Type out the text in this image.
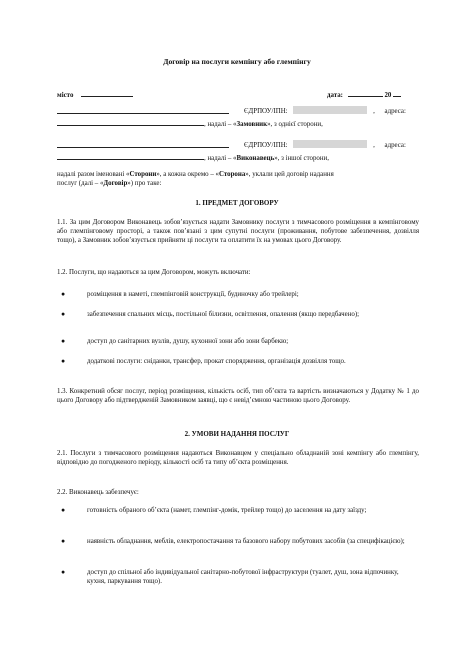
Договір на послуги кемпінгу або глемпінгу
місто	дата:	20
ЄДРПОУ/ІПН:	, адреса:
, надалі – «Замовник», з однієї сторони,
ЄДРПОУ/ІПН:	, адреса:
, надалі – «Виконавець», з іншої сторони,
надалі разом іменовані «Сторони», а кожна окремо – «Сторона», уклали цей договір надання
послуг (далі – «Договір») про таке:
1. ПРЕДМЕТ ДОГОВОРУ
1.1. За цим Договором Виконавець зобов’язується надати Замовнику послуги з тимчасового розміщення в кемпінговому або глемпінговому просторі, а також пов’язані з цим супутні послуги (проживання, побутове забезпечення, дозвілля тощо), а Замовник зобов’язується прийняти ці послуги та оплатити їх на умовах цього Договору.
1.2. Послуги, що надаються за цим Договором, можуть включати:
●	розміщення в наметі, глемпінговій конструкції, будиночку або трейлері;
●	забезпечення спальних місць, постільної білизни, освітлення, опалення (якщо передбачено);
●	доступ до санітарних вузлів, душу, кухонної зони або зони барбекю;
●	додаткові послуги: сніданки, трансфер, прокат спорядження, організація дозвілля тощо.
1.3. Конкретний обсяг послуг, період розміщення, кількість осіб, тип об’єкта та вартість визначаються у Додатку № 1 до цього Договору або підтвердженій Замовником заявці, що є невід’ємною частиною цього Договору.
2. УМОВИ НАДАННЯ ПОСЛУГ
2.1. Послуги з тимчасового розміщення надаються Виконавцем у спеціально обладнаній зоні кемпінгу або глемпінгу, відповідно до погодженого періоду, кількості осіб та типу об’єкта розміщення.
2.2. Виконавець забезпечує:
●	готовність обраного об’єкта (намет, глемпінг-домік, трейлер тощо) до заселення на дату заїзду;
●	наявність обладнання, меблів, електропостачання та базового набору побутових засобів (за специфікацією);
●	доступ до спільної або індивідуальної санітарно-побутової інфраструктури (туалет, душ, зона відпочинку, кухня, паркування тощо).
